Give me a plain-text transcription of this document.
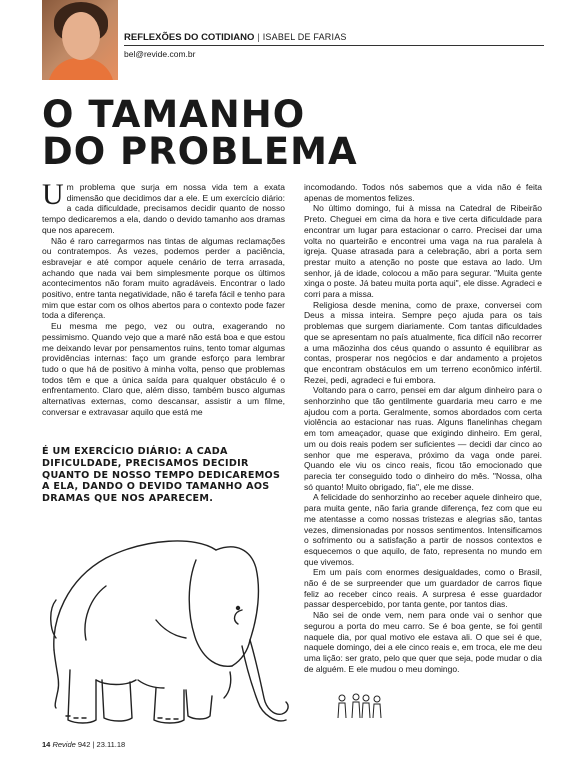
REFLEXÕES DO COTIDIANO | ISABEL DE FARIAS
bel@revide.com.br
O TAMANHO
DO PROBLEMA

Um problema que surja em nossa vida tem a exata dimensão que decidimos dar a ele. E um exercício diário: a cada dificuldade, precisamos decidir quanto de nosso tempo dedicaremos a ela, dando o devido tamanho aos dramas que nos aparecem.

Não é raro carregarmos nas tintas de algumas reclamações ou contratempos. Às vezes, podemos perder a paciência, esbravejar e até compor aquele cenário de terra arrasada, achando que nada vai bem simplesmente porque os últimos acontecimentos não foram muito agradáveis. Encontrar o lado positivo, entre tanta negatividade, não é tarefa fácil e tenho para mim que estar com os olhos abertos para o contexto pode fazer toda a diferença.

Eu mesma me pego, vez ou outra, exagerando no pessimismo. Quando vejo que a maré não está boa e que estou me deixando levar por pensamentos ruins, tento tomar algumas providências internas: faço um grande esforço para lembrar tudo o que há de positivo à minha volta, penso que problemas todos têm e que a única saída para qualquer obstáculo é o enfrentamento. Claro que, além disso, também busco algumas alternativas externas, como descansar, assistir a um filme, conversar e extravasar aquilo que está me

É UM EXERCÍCIO DIÁRIO: A CADA DIFICULDADE, PRECISAMOS DECIDIR QUANTO DE NOSSO TEMPO DEDICAREMOS A ELA, DANDO O DEVIDO TAMANHO AOS DRAMAS QUE NOS APARECEM.

incomodando. Todos nós sabemos que a vida não é feita apenas de momentos felizes.

No último domingo, fui à missa na Catedral de Ribeirão Preto. Cheguei em cima da hora e tive certa dificuldade para encontrar um lugar para estacionar o carro. Precisei dar uma volta no quarteirão e encontrei uma vaga na rua paralela à igreja. Quase atrasada para a celebração, abri a porta sem prestar muito a atenção no poste que estava ao lado. Um senhor, já de idade, colocou a mão para segurar. "Muita gente xinga o poste. Já bateu muita porta aqui", ele disse. Agradeci e corri para a missa.

Religiosa desde menina, como de praxe, conversei com Deus a missa inteira. Sempre peço ajuda para os tais problemas que surgem diariamente. Com tantas dificuldades que se apresentam no país atualmente, fica difícil não recorrer a uma mãozinha dos céus quando o assunto é equilibrar as contas, prosperar nos negócios e dar andamento a projetos que encontram obstáculos em um terreno econômico infértil. Rezei, pedi, agradeci e fui embora.

Voltando para o carro, pensei em dar algum dinheiro para o senhorzinho que tão gentilmente guardaria meu carro e me ajudou com a porta. Geralmente, somos abordados com certa violência ao estacionar nas ruas. Alguns flanelinhas chegam em tom ameaçador, quase que exigindo dinheiro. Em geral, um ou dois reais podem ser suficientes — decidi dar cinco ao senhor que me esperava, próximo da vaga onde parei. Quando ele viu os cinco reais, ficou tão emocionado que parecia ter conseguido todo o dinheiro do mês. "Nossa, olha só quanto! Muito obrigado, fia", ele me disse.

A felicidade do senhorzinho ao receber aquele dinheiro que, para muita gente, não faria grande diferença, fez com que eu me atentasse a como nossas tristezas e alegrias são, tantas vezes, dimensionadas por nossos sentimentos. Intensificamos o sofrimento ou a satisfação a partir de nossos contextos e esquecemos o que aquilo, de fato, representa no mundo em que vivemos.

Em um país com enormes desigualdades, como o Brasil, não é de se surpreender que um guardador de carros fique feliz ao receber cinco reais. A surpresa é esse guardador passar despercebido, por tanta gente, por tantos dias.

Não sei de onde vem, nem para onde vai o senhor que segurou a porta do meu carro. Se é boa gente, se foi gentil naquele dia, por qual motivo ele estava ali. O que sei é que, naquele domingo, dei a ele cinco reais e, em troca, ele me deu uma lição: ser grato, pelo que quer que seja, pode mudar o dia de alguém. E ele mudou o meu domingo.

14 Revide 942 | 23.11.18
